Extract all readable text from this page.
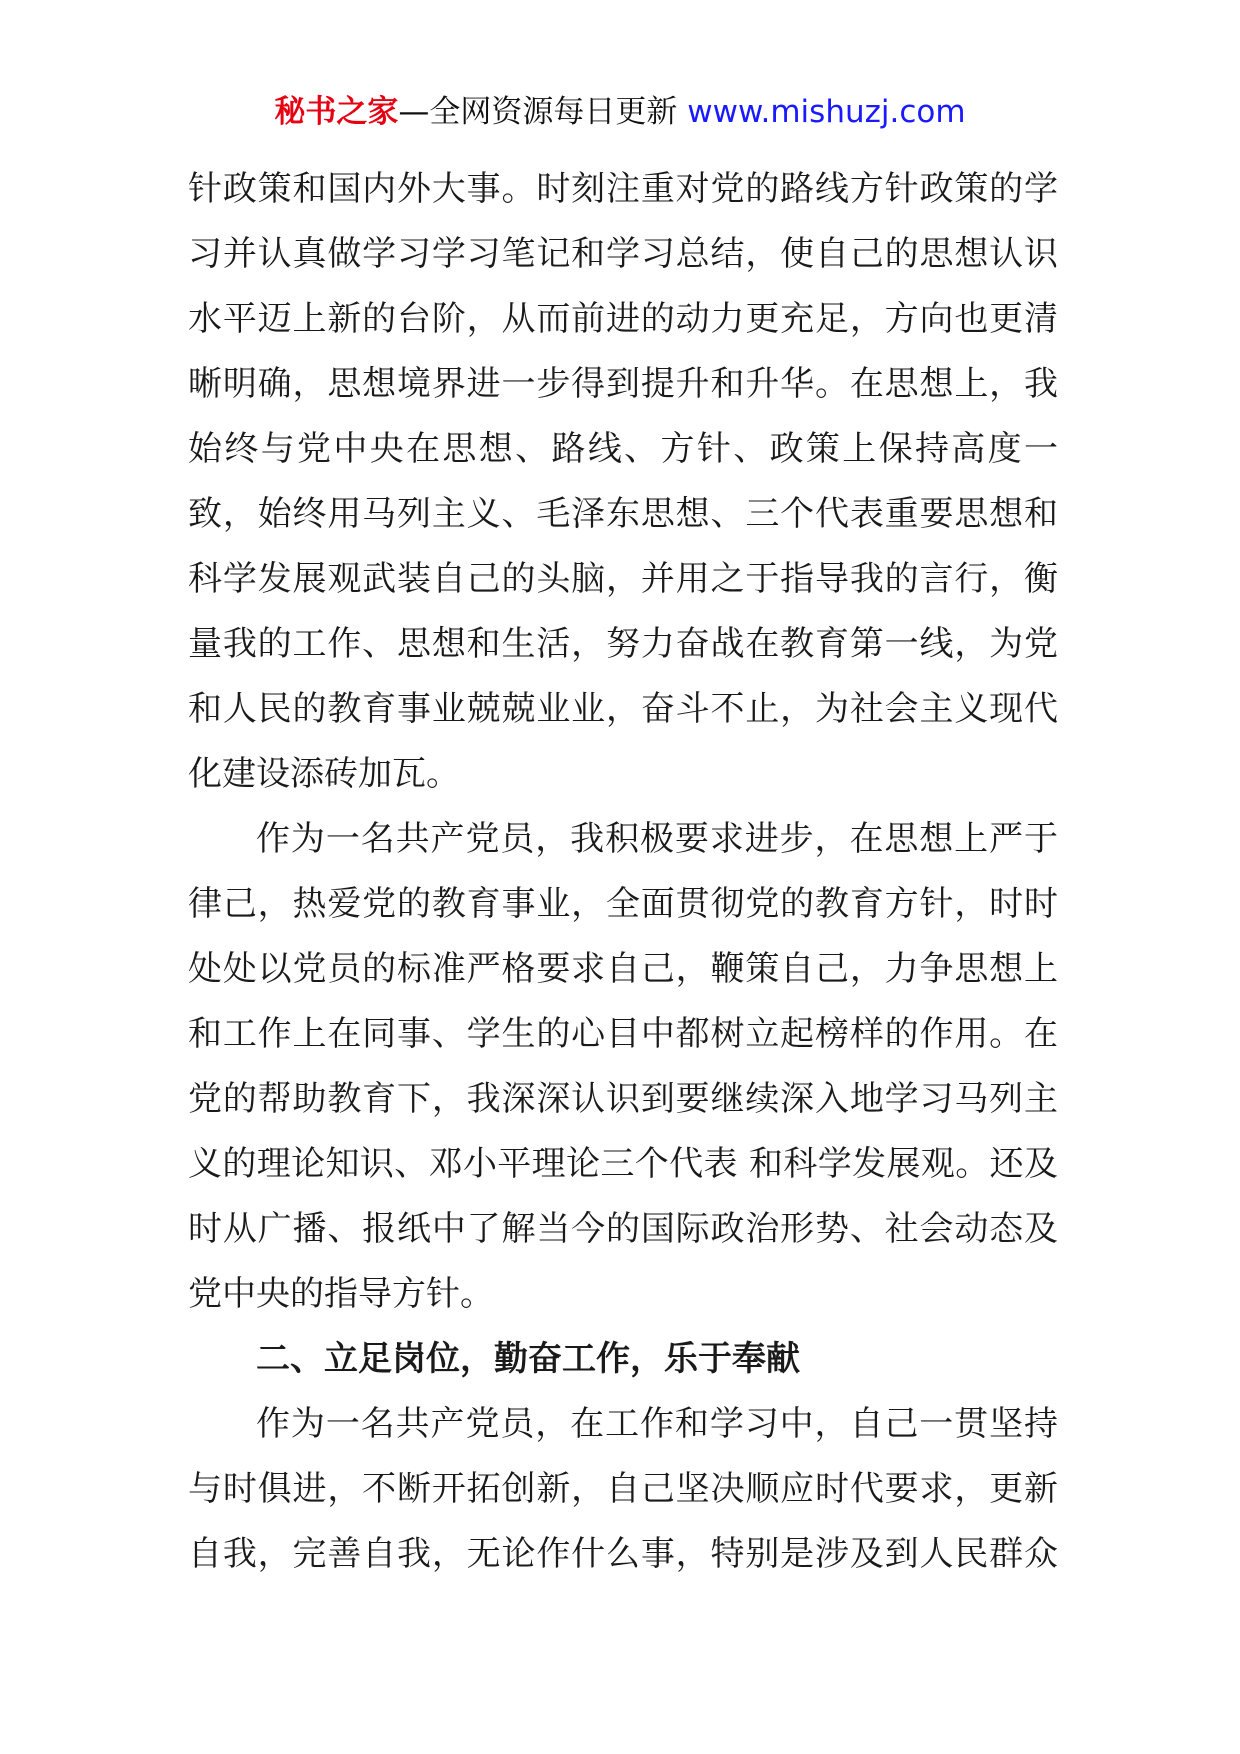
秘书之家—全网资源每日更新 www.mishuzj.com
针政策和国内外大事。时刻注重对党的路线方针政策的学
习并认真做学习学习笔记和学习总结，使自己的思想认识
水平迈上新的台阶，从而前进的动力更充足，方向也更清
晰明确，思想境界进一步得到提升和升华。在思想上，我
始终与党中央在思想、路线、方针、政策上保持高度一
致，始终用马列主义、毛泽东思想、三个代表重要思想和
科学发展观武装自己的头脑，并用之于指导我的言行，衡
量我的工作、思想和生活，努力奋战在教育第一线，为党
和人民的教育事业兢兢业业，奋斗不止，为社会主义现代
化建设添砖加瓦。
作为一名共产党员，我积极要求进步，在思想上严于
律己，热爱党的教育事业，全面贯彻党的教育方针，时时
处处以党员的标准严格要求自己，鞭策自己，力争思想上
和工作上在同事、学生的心目中都树立起榜样的作用。在
党的帮助教育下，我深深认识到要继续深入地学习马列主
义的理论知识、邓小平理论三个代表 和科学发展观。还及
时从广播、报纸中了解当今的国际政治形势、社会动态及
党中央的指导方针。
二、立足岗位，勤奋工作，乐于奉献
作为一名共产党员，在工作和学习中，自己一贯坚持
与时俱进，不断开拓创新，自己坚决顺应时代要求，更新
自我，完善自我，无论作什么事，特别是涉及到人民群众
